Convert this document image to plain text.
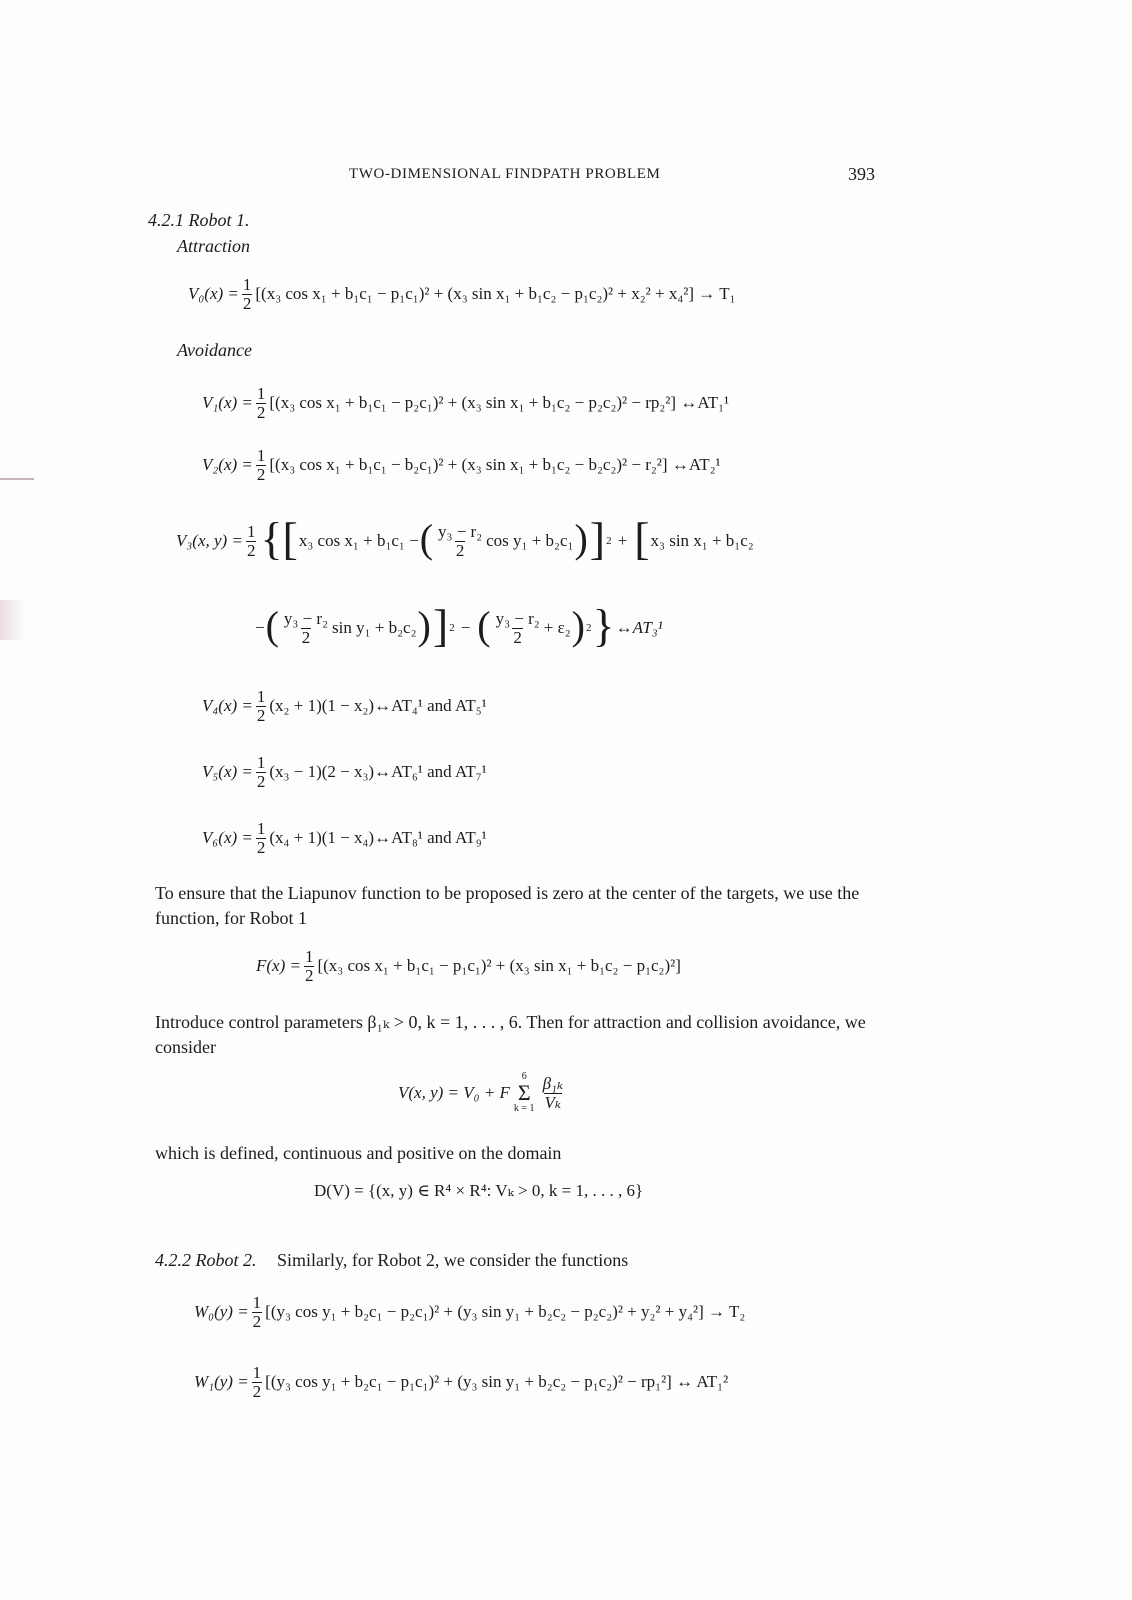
TWO-DIMENSIONAL FINDPATH PROBLEM	393
4.2.1 Robot 1.
Attraction
$V_0(x) = \frac{1}{2} [(x_3$ cos x₁ + b₁c₁ − p₁c₁)² + (x₃ sin x₁ + b₁c₂ − p₁c₂)² + x₂² + x₄²] → T₁
Avoidance
$V_1(x) = \frac{1}{2} [(x_3$ cos x₁ + b₁c₁ − p₂c₁)² + (x₃ sin x₁ + b₁c₂ − p₂c₂)² − rp₂²] ↔AT₁¹
$V_2(x) = \frac{1}{2} [(x_3$ cos x₁ + b₁c₁ − b₂c₁)² + (x₃ sin x₁ + b₁c₂ − b₂c₂)² − r₂²] ↔AT₂¹
V₃(x, $y) = \frac{1}{2}$ {[ x₃ cos x₁ + b₁c₁ − ( $\frac{\text{y₃ − r₂}}{2}$ cos y₁ + b₂c₁ ) ] 2 + [ x₃ sin x₁ + b₁c₂
− ( $\frac{\text{y₃ − r₂}}{2}$ sin y₁ + b₂c₂ ) ] 2 − ( $\frac{\text{y₃ − r₂}}{2} + \varepsilon_2$ ) 2 } ↔AT₃¹
$V_4(x) = \frac{1}{2} (x_2 + 1)(1$ − x₂)↔AT₄¹ and AT₅¹
$V_5(x) = \frac{1}{2} (x_3 - 1)(2$ − x₃)↔AT₆¹ and AT₇¹
$V_6(x) = \frac{1}{2} (x_4 + 1)(1$ − x₄)↔AT₈¹ and AT₉¹
To ensure that the Liapunov function to be proposed is zero at the center of the targets, we use the function, for Robot 1
$F(x) = \frac{1}{2} [(x_3$ cos x₁ + b₁c₁ − p₁c₁)² + (x₃ sin x₁ + b₁c₂ − p₁c₂)²]
Introduce control parameters β₁ₖ > 0, k = 1, . . . , 6. Then for attraction and collision avoidance, we consider
V(x, y) = V₀ + F
6
Σ
$k = 1 \frac{\text{β₁ₖ}}{\text{Vₖ}}$
which is defined, continuous and positive on the domain
D(V) = {(x, y) ∈ R⁴ × R⁴: Vₖ > 0, k = 1, . . . , 6}
4.2.2 Robot 2. Similarly, for Robot 2, we consider the functions
$W_0(y) = \frac{1}{2} [(y_3$ cos y₁ + b₂c₁ − p₂c₁)² + (y₃ sin y₁ + b₂c₂ − p₂c₂)² + y₂² + y₄²] → T₂
$W_1(y) = \frac{1}{2} [(y_3$ cos y₁ + b₂c₁ − p₁c₁)² + (y₃ sin y₁ + b₂c₂ − p₁c₂)² − rp₁²] ↔ AT₁²
